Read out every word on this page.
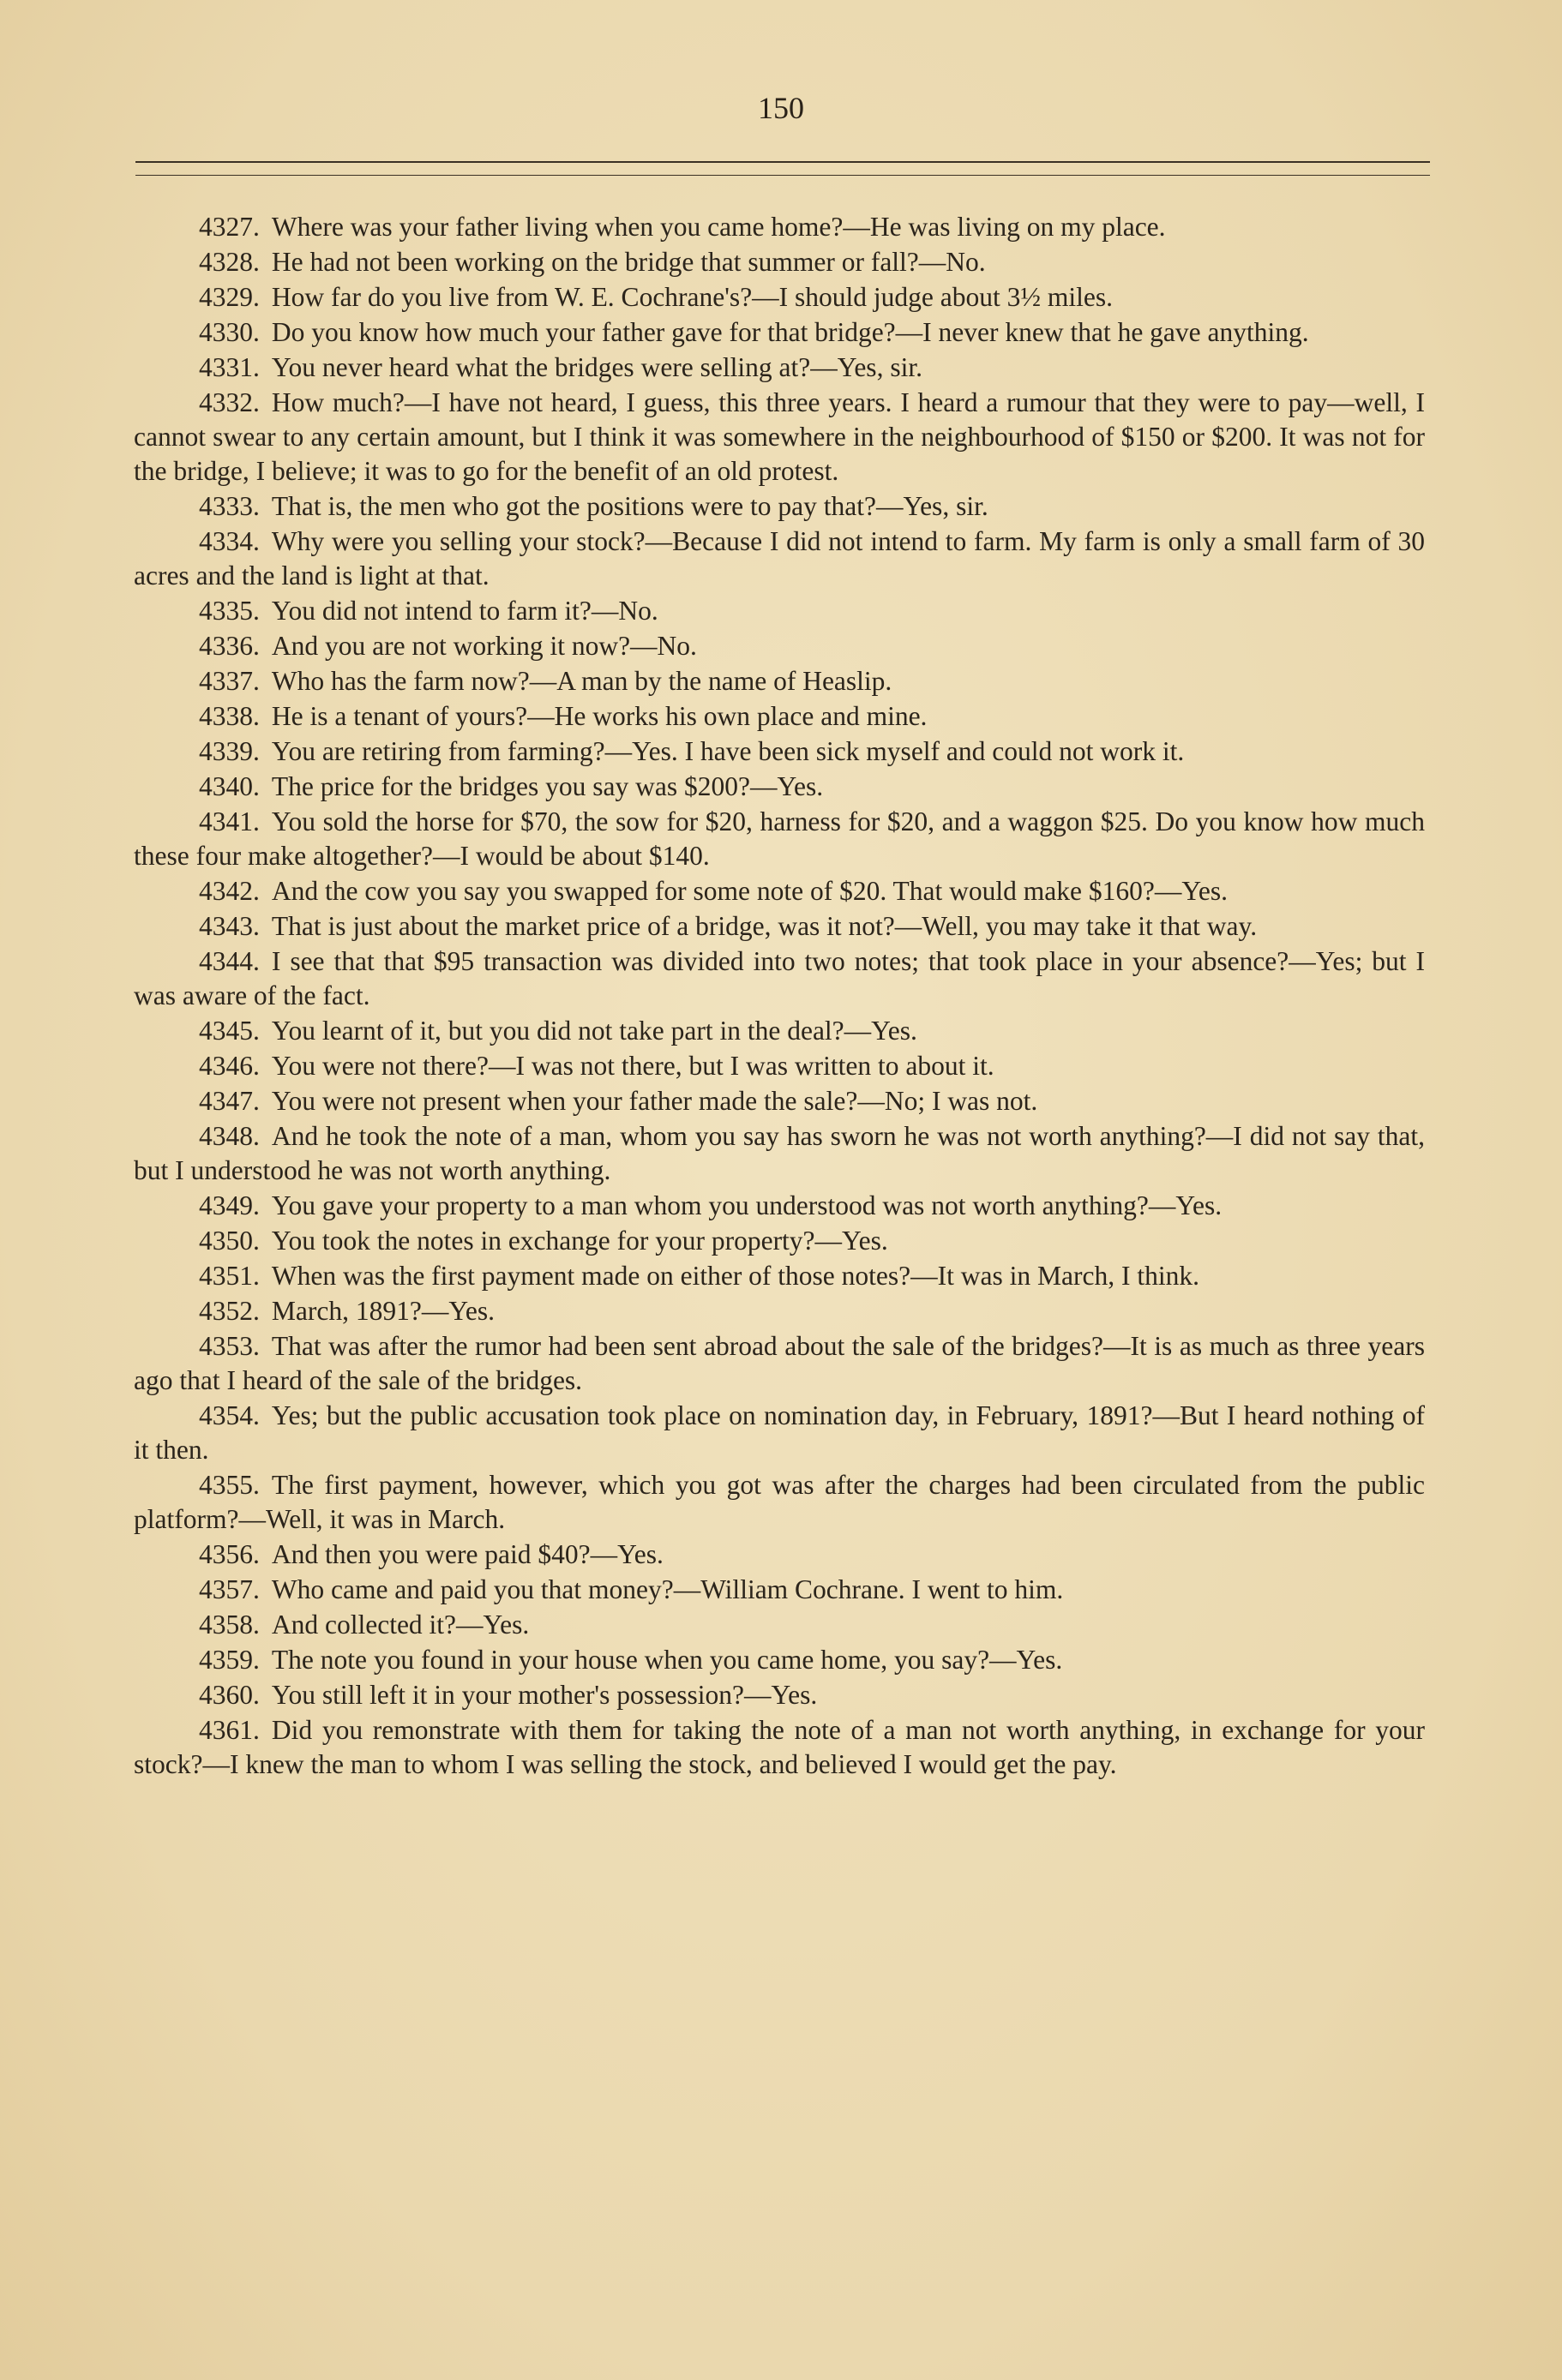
150

4327. Where was your father living when you came home?—He was living on my place.

4328. He had not been working on the bridge that summer or fall?—No.

4329. How far do you live from W. E. Cochrane's?—I should judge about 3½ miles.

4330. Do you know how much your father gave for that bridge?—I never knew that he gave anything.

4331. You never heard what the bridges were selling at?—Yes, sir.

4332. How much?—I have not heard, I guess, this three years. I heard a rumour that they were to pay—well, I cannot swear to any certain amount, but I think it was somewhere in the neighbourhood of $150 or $200. It was not for the bridge, I believe; it was to go for the benefit of an old protest.

4333. That is, the men who got the positions were to pay that?—Yes, sir.

4334. Why were you selling your stock?—Because I did not intend to farm. My farm is only a small farm of 30 acres and the land is light at that.

4335. You did not intend to farm it?—No.

4336. And you are not working it now?—No.

4337. Who has the farm now?—A man by the name of Heaslip.

4338. He is a tenant of yours?—He works his own place and mine.

4339. You are retiring from farming?—Yes. I have been sick myself and could not work it.

4340. The price for the bridges you say was $200?—Yes.

4341. You sold the horse for $70, the sow for $20, harness for $20, and a waggon $25. Do you know how much these four make altogether?—I would be about $140.

4342. And the cow you say you swapped for some note of $20. That would make $160?—Yes.

4343. That is just about the market price of a bridge, was it not?—Well, you may take it that way.

4344. I see that that $95 transaction was divided into two notes; that took place in your absence?—Yes; but I was aware of the fact.

4345. You learnt of it, but you did not take part in the deal?—Yes.

4346. You were not there?—I was not there, but I was written to about it.

4347. You were not present when your father made the sale?—No; I was not.

4348. And he took the note of a man, whom you say has sworn he was not worth anything?—I did not say that, but I understood he was not worth anything.

4349. You gave your property to a man whom you understood was not worth anything?—Yes.

4350. You took the notes in exchange for your property?—Yes.

4351. When was the first payment made on either of those notes?—It was in March, I think.

4352. March, 1891?—Yes.

4353. That was after the rumor had been sent abroad about the sale of the bridges?—It is as much as three years ago that I heard of the sale of the bridges.

4354. Yes; but the public accusation took place on nomination day, in February, 1891?—But I heard nothing of it then.

4355. The first payment, however, which you got was after the charges had been circulated from the public platform?—Well, it was in March.

4356. And then you were paid $40?—Yes.

4357. Who came and paid you that money?—William Cochrane. I went to him.

4358. And collected it?—Yes.

4359. The note you found in your house when you came home, you say?—Yes.

4360. You still left it in your mother's possession?—Yes.

4361. Did you remonstrate with them for taking the note of a man not worth anything, in exchange for your stock?—I knew the man to whom I was selling the stock, and believed I would get the pay.
